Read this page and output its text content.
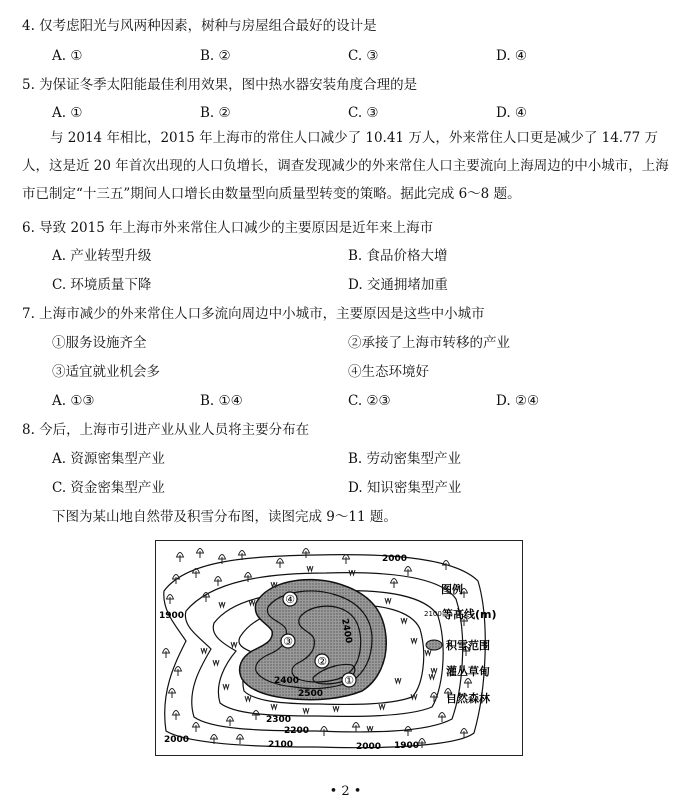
4. 仅考虑阳光与风两种因素，树种与房屋组合最好的设计是
A. ①	B. ②	C. ③	D. ④
5. 为保证冬季太阳能最佳利用效果，图中热水器安装角度合理的是
A. ①	B. ②	C. ③	D. ④
与 2014 年相比，2015 年上海市的常住人口减少了 10.41 万人，外来常住人口更是减少了 14.77 万人，这是近 20 年首次出现的人口负增长，调查发现减少的外来常住人口主要流向上海周边的中小城市，上海市已制定“十三五”期间人口增长由数量型向质量型转变的策略。据此完成 6～8 题。
6. 导致 2015 年上海市外来常住人口减少的主要原因是近年来上海市
A. 产业转型升级	B. 食品价格大增
C. 环境质量下降	D. 交通拥堵加重
7. 上海市减少的外来常住人口多流向周边中小城市，主要原因是这些中小城市
①服务设施齐全	②承接了上海市转移的产业
③适宜就业机会多	④生态环境好
A. ①③	B. ①④	C. ②③	D. ②④
8. 今后，上海市引进产业从业人员将主要分布在
A. 资源密集型产业	B. 劳动密集型产业
C. 资金密集型产业	D. 知识密集型产业
下图为某山地自然带及积雪分布图，读图完成 9～11 题。
④
③
②
①
2000
1900
2400
2400
2500
2300
2200
2100
2000
2000 1900
图例
2100 等高线(m)
积雪范围
灌丛草甸
自然森林
• 2 •
